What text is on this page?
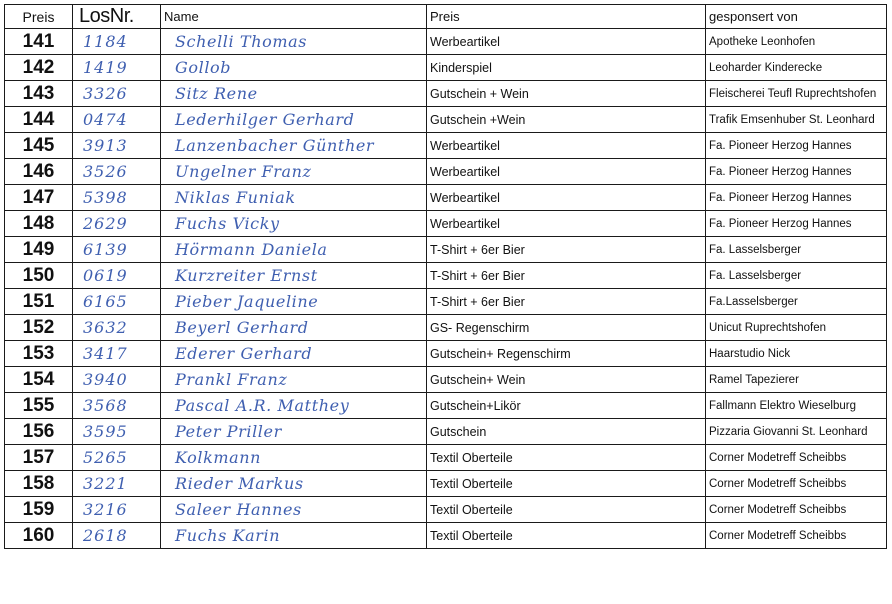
Preis	LosNr.	Name	Preis	gesponsert von
141	1184	Schelli Thomas	Werbeartikel	Apotheke Leonhofen
142	1419	Gollob	Kinderspiel	Leoharder Kinderecke
143	3326	Sitz Rene	Gutschein + Wein	Fleischerei Teufl Ruprechtshofen
144	0474	Lederhilger Gerhard	Gutschein +Wein	Trafik Emsenhuber St. Leonhard
145	3913	Lanzenbacher Günther	Werbeartikel	Fa. Pioneer Herzog Hannes
146	3526	Ungelner Franz	Werbeartikel	Fa. Pioneer Herzog Hannes
147	5398	Niklas Funiak	Werbeartikel	Fa. Pioneer Herzog Hannes
148	2629	Fuchs Vicky	Werbeartikel	Fa. Pioneer Herzog Hannes
149	6139	Hörmann Daniela	T-Shirt + 6er Bier	Fa. Lasselsberger
150	0619	Kurzreiter Ernst	T-Shirt + 6er Bier	Fa. Lasselsberger
151	6165	Pieber Jaqueline	T-Shirt + 6er Bier	Fa.Lasselsberger
152	3632	Beyerl Gerhard	GS- Regenschirm	Unicut Ruprechtshofen
153	3417	Ederer Gerhard	Gutschein+ Regenschirm	Haarstudio Nick
154	3940	Prankl Franz	Gutschein+ Wein	Ramel Tapezierer
155	3568	Pascal A.R. Matthey	Gutschein+Likör	Fallmann Elektro Wieselburg
156	3595	Peter Priller	Gutschein	Pizzaria Giovanni St. Leonhard
157	5265	Kolkmann	Textil Oberteile	Corner Modetreff Scheibbs
158	3221	Rieder Markus	Textil Oberteile	Corner Modetreff Scheibbs
159	3216	Saleer Hannes	Textil Oberteile	Corner Modetreff Scheibbs
160	2618	Fuchs Karin	Textil Oberteile	Corner Modetreff Scheibbs
